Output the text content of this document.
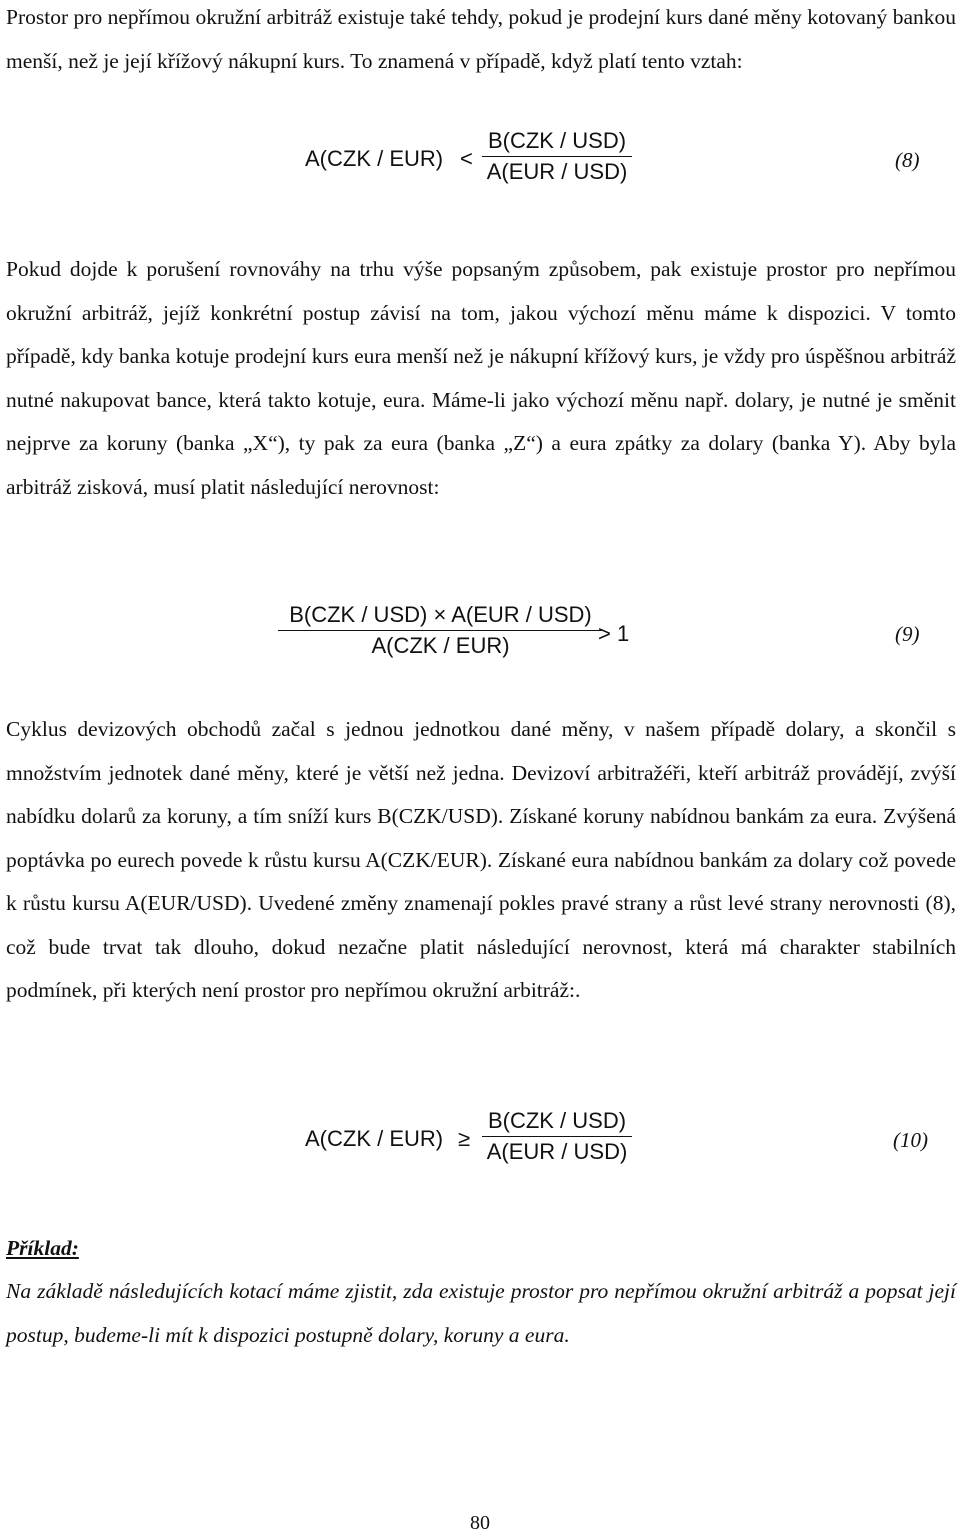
Prostor pro nepřímou okružní arbitráž existuje také tehdy, pokud je prodejní kurs dané měny kotovaný bankou menší, než je její křížový nákupní kurs. To znamená v případě, když platí tento vztah:

A(CZK / EUR) <
B(CZK / USD)
A(EUR / USD)	(8)

Pokud dojde k porušení rovnováhy na trhu výše popsaným způsobem, pak existuje prostor pro nepřímou okružní arbitráž, jejíž konkrétní postup závisí na tom, jakou výchozí měnu máme k dispozici. V tomto případě, kdy banka kotuje prodejní kurs eura menší než je nákupní křížový kurs, je vždy pro úspěšnou arbitráž nutné nakupovat bance, která takto kotuje, eura. Máme-li jako výchozí měnu např. dolary, je nutné je směnit nejprve za koruny (banka „X“), ty pak za eura (banka „Z“) a eura zpátky za dolary (banka Y). Aby byla arbitráž zisková, musí platit následující nerovnost:

B(CZK / USD) × A(EUR / USD)
A(CZK / EUR)	> 1	(9)

Cyklus devizových obchodů začal s jednou jednotkou dané měny, v našem případě dolary, a skončil s množstvím jednotek dané měny, které je větší než jedna. Devizoví arbitražéři, kteří arbitráž provádějí, zvýší nabídku dolarů za koruny, a tím sníží kurs B(CZK/USD). Získané koruny nabídnou bankám za eura. Zvýšená poptávka po eurech povede k růstu kursu A(CZK/EUR). Získané eura nabídnou bankám za dolary což povede k růstu kursu A(EUR/USD). Uvedené změny znamenají pokles pravé strany a růst levé strany nerovnosti (8), což bude trvat tak dlouho, dokud nezačne platit následující nerovnost, která má charakter stabilních podmínek, při kterých není prostor pro nepřímou okružní arbitráž:.

A(CZK / EUR) ≥
B(CZK / USD)
A(EUR / USD)	(10)
Příklad:

Na základě následujících kotací máme zjistit, zda existuje prostor pro nepřímou okružní arbitráž a popsat její postup, budeme-li mít k dispozici postupně dolary, koruny a eura.

80
